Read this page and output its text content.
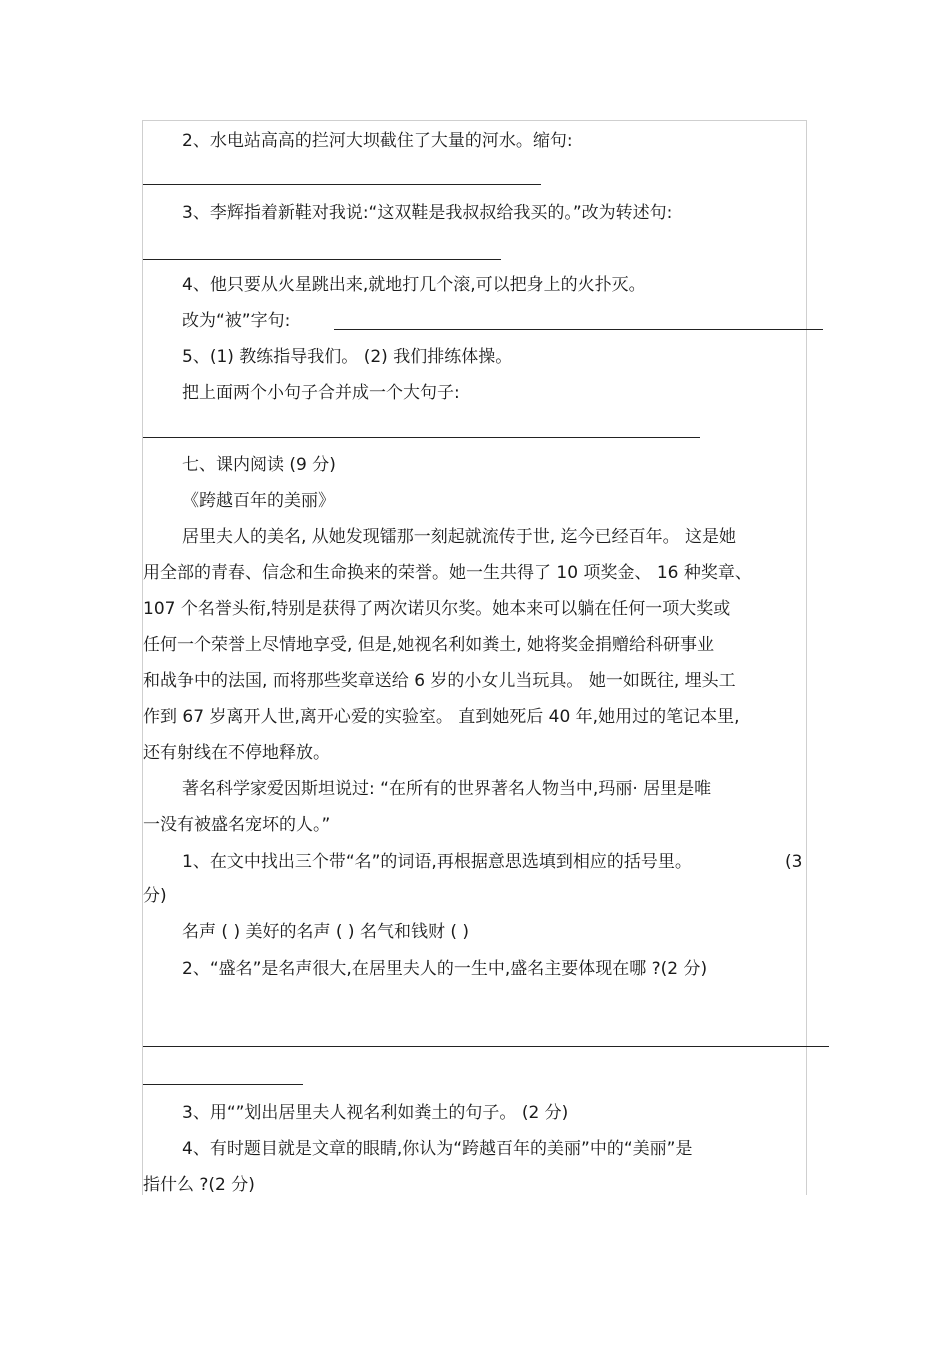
2、水电站高高的拦河大坝截住了大量的河水。缩句:
3、李辉指着新鞋对我说:“这双鞋是我叔叔给我买的。”改为转述句:
4、他只要从火星跳出来,就地打几个滚,可以把身上的火扑灭。
改为“被”字句:
5、(1) 教练指导我们。 (2) 我们排练体操。
把上面两个小句子合并成一个大句子:
七、课内阅读 (9 分)
《跨越百年的美丽》
居里夫人的美名, 从她发现镭那一刻起就流传于世, 迄今已经百年。 这是她
用全部的青春、信念和生命换来的荣誉。她一生共得了 10 项奖金、 16 种奖章、
107 个名誉头衔,特别是获得了两次诺贝尔奖。她本来可以躺在任何一项大奖或
任何一个荣誉上尽情地享受, 但是,她视名利如粪土, 她将奖金捐赠给科研事业
和战争中的法国, 而将那些奖章送给 6 岁的小女儿当玩具。 她一如既往, 埋头工
作到 67 岁离开人世,离开心爱的实验室。 直到她死后 40 年,她用过的笔记本里,
还有射线在不停地释放。
著名科学家爱因斯坦说过: “在所有的世界著名人物当中,玛丽· 居里是唯
一没有被盛名宠坏的人。”
1、在文中找出三个带“名”的词语,再根据意思选填到相应的括号里。	(3
分)
名声 ( ) 美好的名声 ( ) 名气和钱财 ( )
2、“盛名”是名声很大,在居里夫人的一生中,盛名主要体现在哪 ?(2 分)
3、用“”划出居里夫人视名利如粪土的句子。 (2 分)
4、有时题目就是文章的眼睛,你认为“跨越百年的美丽”中的“美丽”是
指什么 ?(2 分)
